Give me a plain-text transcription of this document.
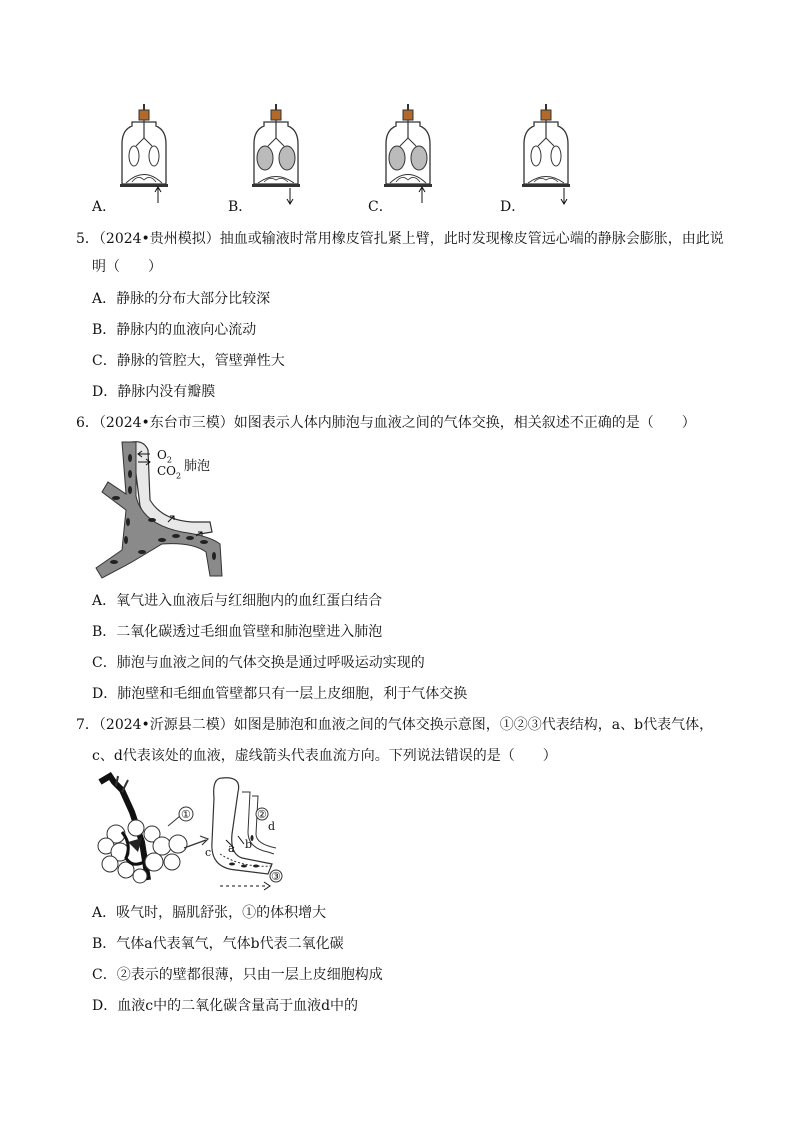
A．	B．	C．	D．
5．（2024•贵州模拟）抽血或输液时常用橡皮管扎紧上臂，此时发现橡皮管远心端的静脉会膨胀，由此说
明（　　）
A．静脉的分布大部分比较深
B．静脉内的血液向心流动
C．静脉的管腔大，管壁弹性大
D．静脉内没有瓣膜
6．（2024•东台市三模）如图表示人体内肺泡与血液之间的气体交换，相关叙述不正确的是（　　）
$O_2$
$CO_2$
肺泡
A．氧气进入血液后与红细胞内的血红蛋白结合
B．二氧化碳透过毛细血管壁和肺泡壁进入肺泡
C．肺泡与血液之间的气体交换是通过呼吸运动实现的
D．肺泡壁和毛细血管壁都只有一层上皮细胞，利于气体交换
7．（2024•沂源县二模）如图是肺泡和血液之间的气体交换示意图，①②③代表结构，a、b代表气体，
c、d代表该处的血液，虚线箭头代表血流方向。下列说法错误的是（　　）
①	②
③
a b
c
d
A．吸气时，膈肌舒张，①的体积增大
B．气体a代表氧气，气体b代表二氧化碳
C．②表示的壁都很薄，只由一层上皮细胞构成
D．血液c中的二氧化碳含量高于血液d中的
